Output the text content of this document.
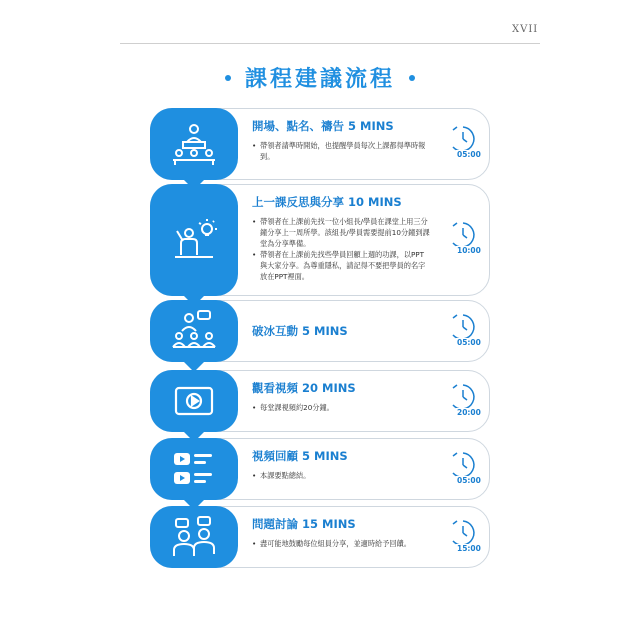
XVII
課程建議流程
開場、點名、禱告 5 MINS
• 帶領者請準時開始，也提醒學員每次上課都得準時報到。	05:00
上一課反思與分享 10 MINS
• 帶領者在上課前先找一位小組長/學員在課堂上用三分鐘分享上一周所學。該組長/學員需要提前10分鐘到課堂為分享準備。
• 帶領者在上課前先找些學員回顧上週的功課，以PPT與大家分享。為尊重隱私，請記得不要把學員的名字放在PPT裡面。
10:00
破冰互動 5 MINS
05:00
觀看視頻 20 MINS
• 每堂課視頻約20分鐘。
20:00
視頻回顧 5 MINS
• 本課要點總結。
05:00
問題討論 15 MINS
• 盡可能地鼓勵每位組員分享，並適時給予回饋。
15:00
